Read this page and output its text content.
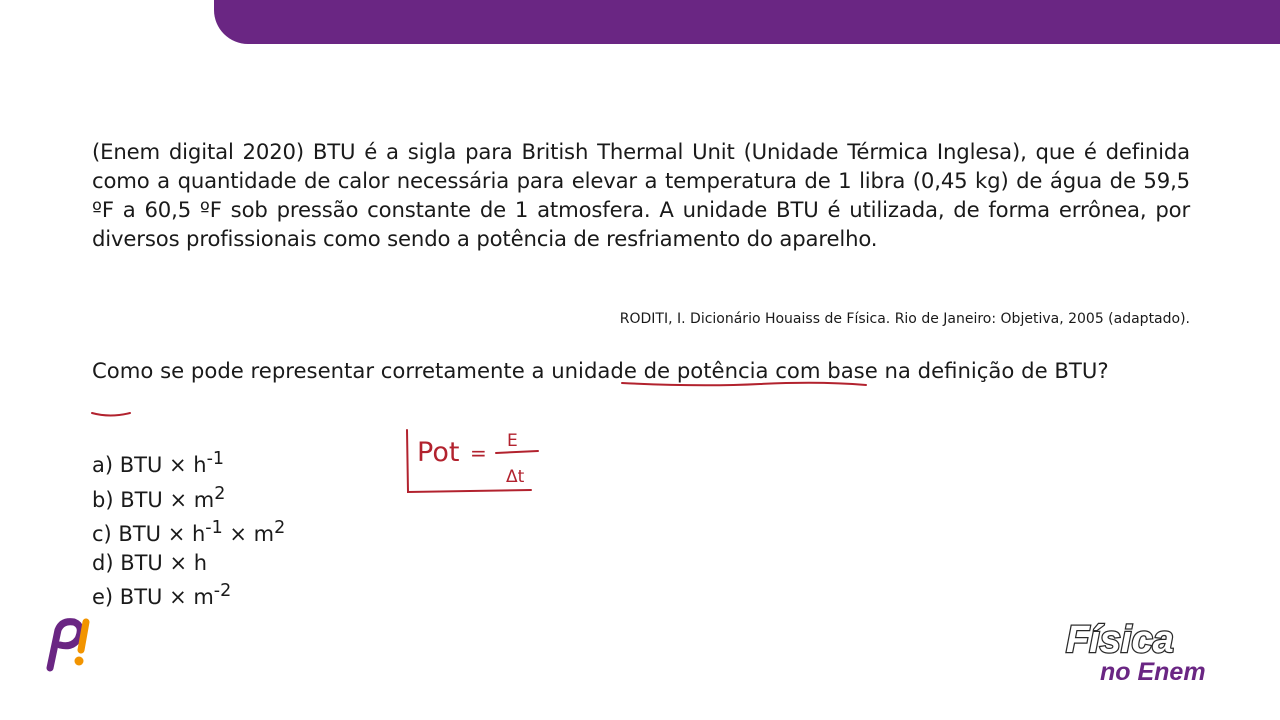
(Enem digital 2020) BTU é a sigla para British Thermal Unit (Unidade Térmica Inglesa), que é definida como a quantidade de calor necessária para elevar a temperatura de 1 libra (0,45 kg) de água de 59,5 ºF a 60,5 ºF sob pressão constante de 1 atmosfera. A unidade BTU é utilizada, de forma errônea, por diversos profissionais como sendo a potência de resfriamento do aparelho.

RODITI, I. Dicionário Houaiss de Física. Rio de Janeiro: Objetiva, 2005 (adaptado).

Como se pode representar corretamente a unidade de potência com base na definição de BTU?

a) BTU × $h^{-1}$
b) BTU × $m^2$
c) BTU × $h^{-1} \times m^2$
d) BTU × h
e) BTU × $m^{-2}$
Pot = E
Δt
Física
no Enem
